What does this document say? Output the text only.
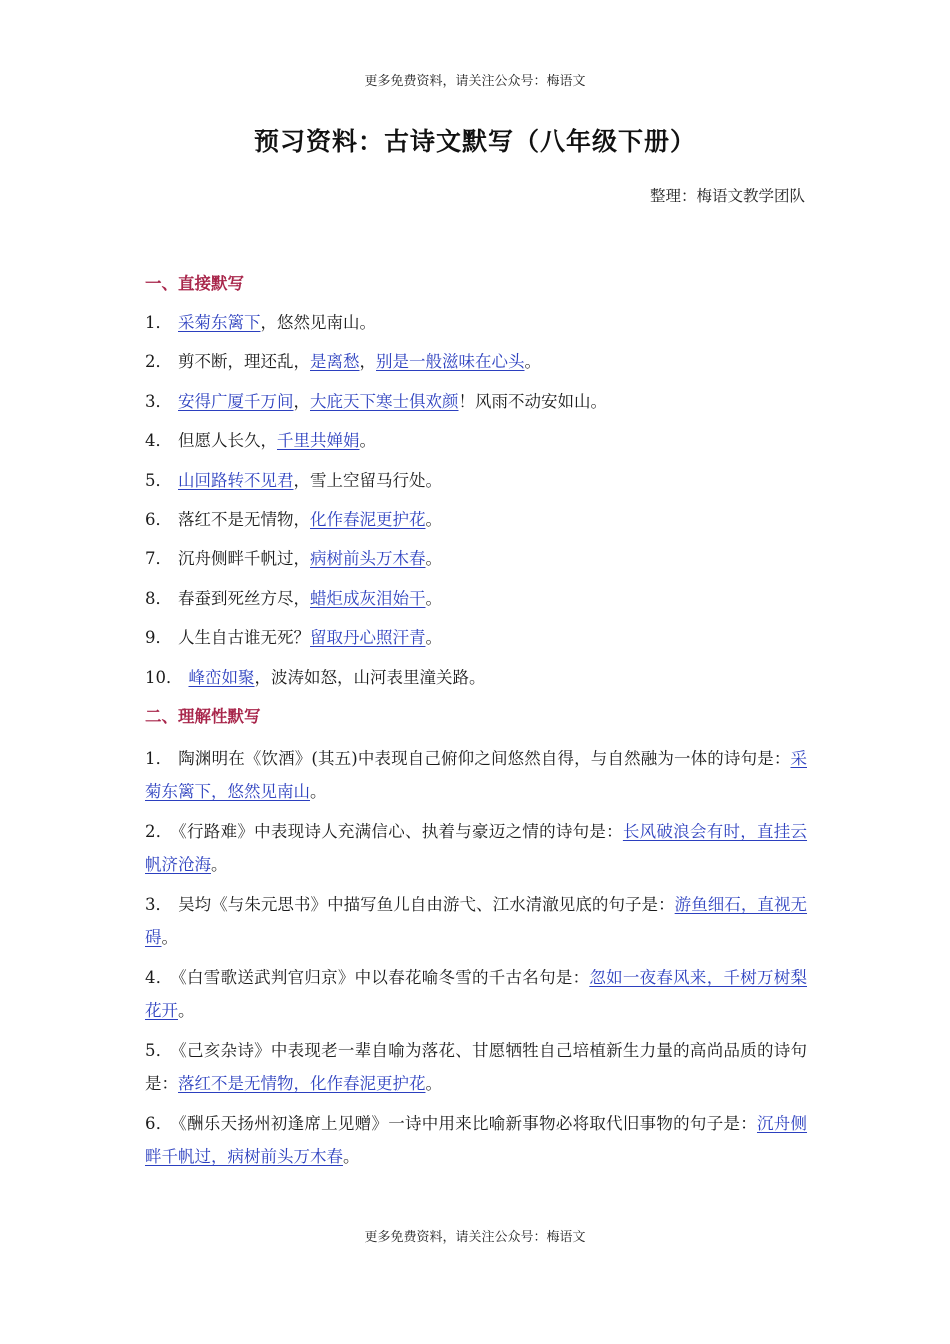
更多免费资料，请关注公众号：梅语文
预习资料：古诗文默写（八年级下册）
整理：梅语文教学团队
一、直接默写
1． 采菊东篱下，悠然见南山。
2． 剪不断，理还乱，是离愁，别是一般滋味在心头。
3． 安得广厦千万间，大庇天下寒士俱欢颜！风雨不动安如山。
4． 但愿人长久，千里共婵娟。
5． 山回路转不见君，雪上空留马行处。
6． 落红不是无情物，化作春泥更护花。
7． 沉舟侧畔千帆过，病树前头万木春。
8． 春蚕到死丝方尽，蜡炬成灰泪始干。
9． 人生自古谁无死？留取丹心照汗青。
10． 峰峦如聚，波涛如怒，山河表里潼关路。
二、理解性默写
1． 陶渊明在《饮酒》(其五)中表现自己俯仰之间悠然自得，与自然融为一体的诗句是：采菊东篱下，悠然见南山。
2． 《行路难》中表现诗人充满信心、执着与豪迈之情的诗句是：长风破浪会有时，直挂云帆济沧海。
3． 吴均《与朱元思书》中描写鱼儿自由游弋、江水清澈见底的句子是：游鱼细石，直视无碍。
4． 《白雪歌送武判官归京》中以春花喻冬雪的千古名句是：忽如一夜春风来，千树万树梨花开。
5． 《己亥杂诗》中表现老一辈自喻为落花、甘愿牺牲自己培植新生力量的高尚品质的诗句是：落红不是无情物，化作春泥更护花。
6． 《酬乐天扬州初逢席上见赠》一诗中用来比喻新事物必将取代旧事物的句子是：沉舟侧畔千帆过，病树前头万木春。
更多免费资料，请关注公众号：梅语文
